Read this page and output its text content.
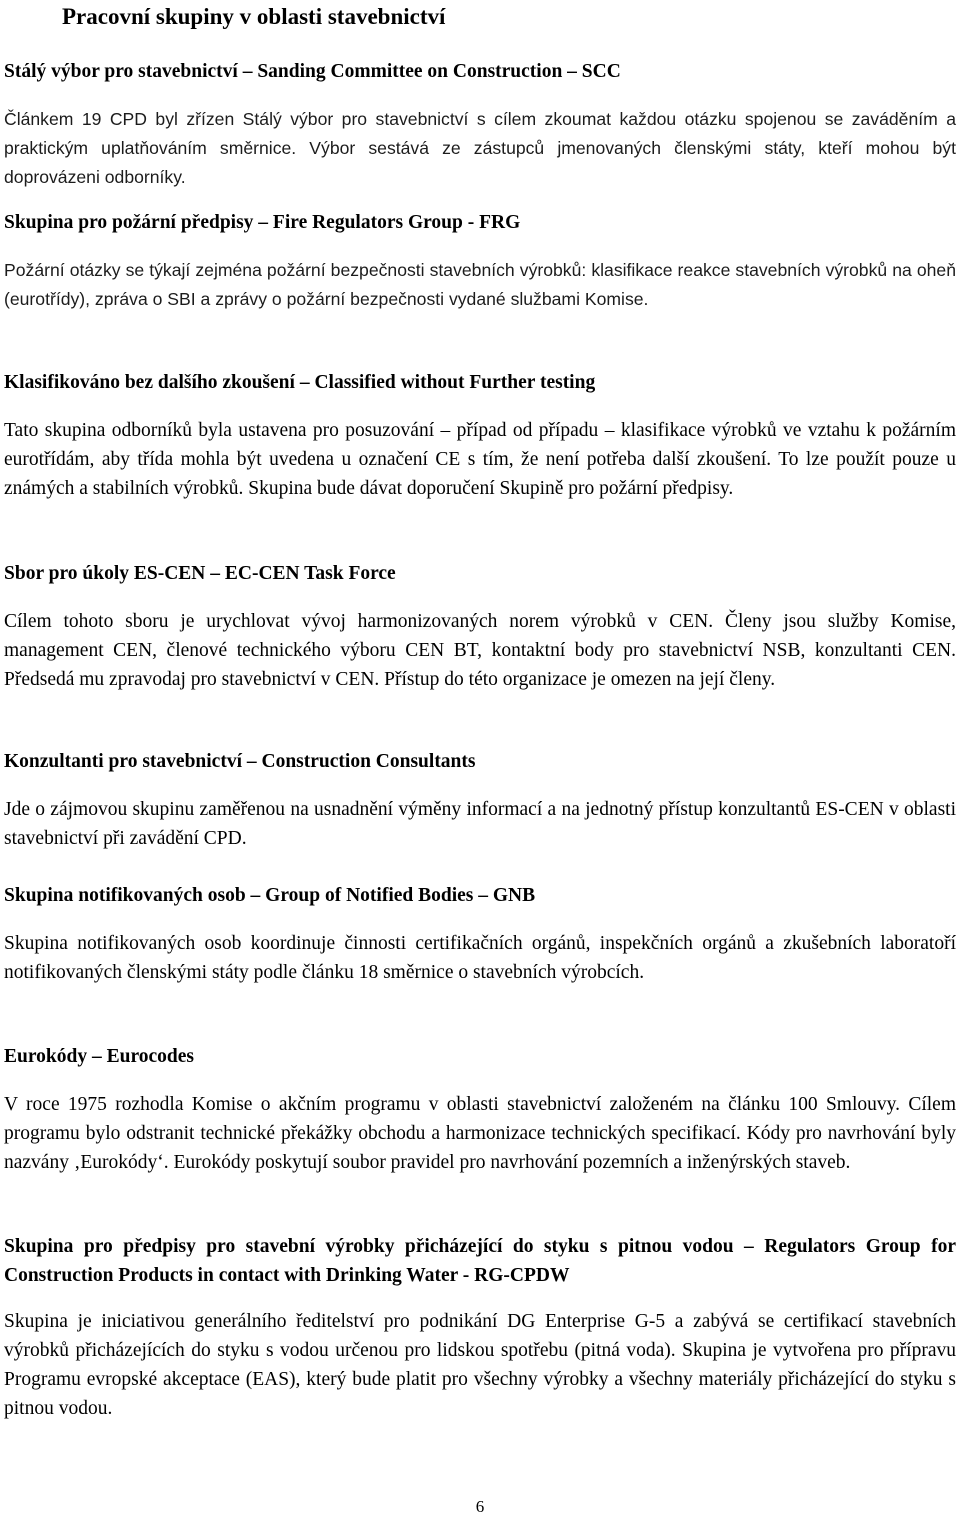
Pracovní skupiny v oblasti stavebnictví
Stálý výbor pro stavebnictví – Sanding Committee on Construction – SCC

Článkem 19 CPD byl zřízen Stálý výbor pro stavebnictví s cílem zkoumat každou otázku spojenou se zaváděním a praktickým uplatňováním směrnice. Výbor sestává ze zástupců jmenovaných členskými státy, kteří mohou být doprovázeni odborníky.

Skupina pro požární předpisy – Fire Regulators Group - FRG

Požární otázky se týkají zejména požární bezpečnosti stavebních výrobků: klasifikace reakce stavebních výrobků na oheň (eurotřídy), zpráva o SBI a zprávy o požární bezpečnosti vydané službami Komise.

Klasifikováno bez dalšího zkoušení – Classified without Further testing

Tato skupina odborníků byla ustavena pro posuzování – případ od případu – klasifikace výrobků ve vztahu k požárním eurotřídám, aby třída mohla být uvedena u označení CE s tím, že není potřeba další zkoušení. To lze použít pouze u známých a stabilních výrobků. Skupina bude dávat doporučení Skupině pro požární předpisy.

Sbor pro úkoly ES-CEN – EC-CEN Task Force

Cílem tohoto sboru je urychlovat vývoj harmonizovaných norem výrobků v CEN. Členy jsou služby Komise, management CEN, členové technického výboru CEN BT, kontaktní body pro stavebnictví NSB, konzultanti CEN. Předsedá mu zpravodaj pro stavebnictví v CEN. Přístup do této organizace je omezen na její členy.

Konzultanti pro stavebnictví – Construction Consultants

Jde o zájmovou skupinu zaměřenou na usnadnění výměny informací a na jednotný přístup konzultantů ES-CEN v oblasti stavebnictví při zavádění CPD.

Skupina notifikovaných osob – Group of Notified Bodies – GNB

Skupina notifikovaných osob koordinuje činnosti certifikačních orgánů, inspekčních orgánů a zkušebních laboratoří notifikovaných členskými státy podle článku 18 směrnice o stavebních výrobcích.

Eurokódy – Eurocodes

V roce 1975 rozhodla Komise o akčním programu v oblasti stavebnictví založeném na článku 100 Smlouvy. Cílem programu bylo odstranit technické překážky obchodu a harmonizace technických specifikací. Kódy pro navrhování byly nazvány ‚Eurokódy‘. Eurokódy poskytují soubor pravidel pro navrhování pozemních a inženýrských staveb.

Skupina pro předpisy pro stavební výrobky přicházející do styku s pitnou vodou – Regulators Group for Construction Products in contact with Drinking Water - RG-CPDW

Skupina je iniciativou generálního ředitelství pro podnikání DG Enterprise G-5 a zabývá se certifikací stavebních výrobků přicházejících do styku s vodou určenou pro lidskou spotřebu (pitná voda). Skupina je vytvořena pro přípravu Programu evropské akceptace (EAS), který bude platit pro všechny výrobky a všechny materiály přicházející do styku s pitnou vodou.

6
